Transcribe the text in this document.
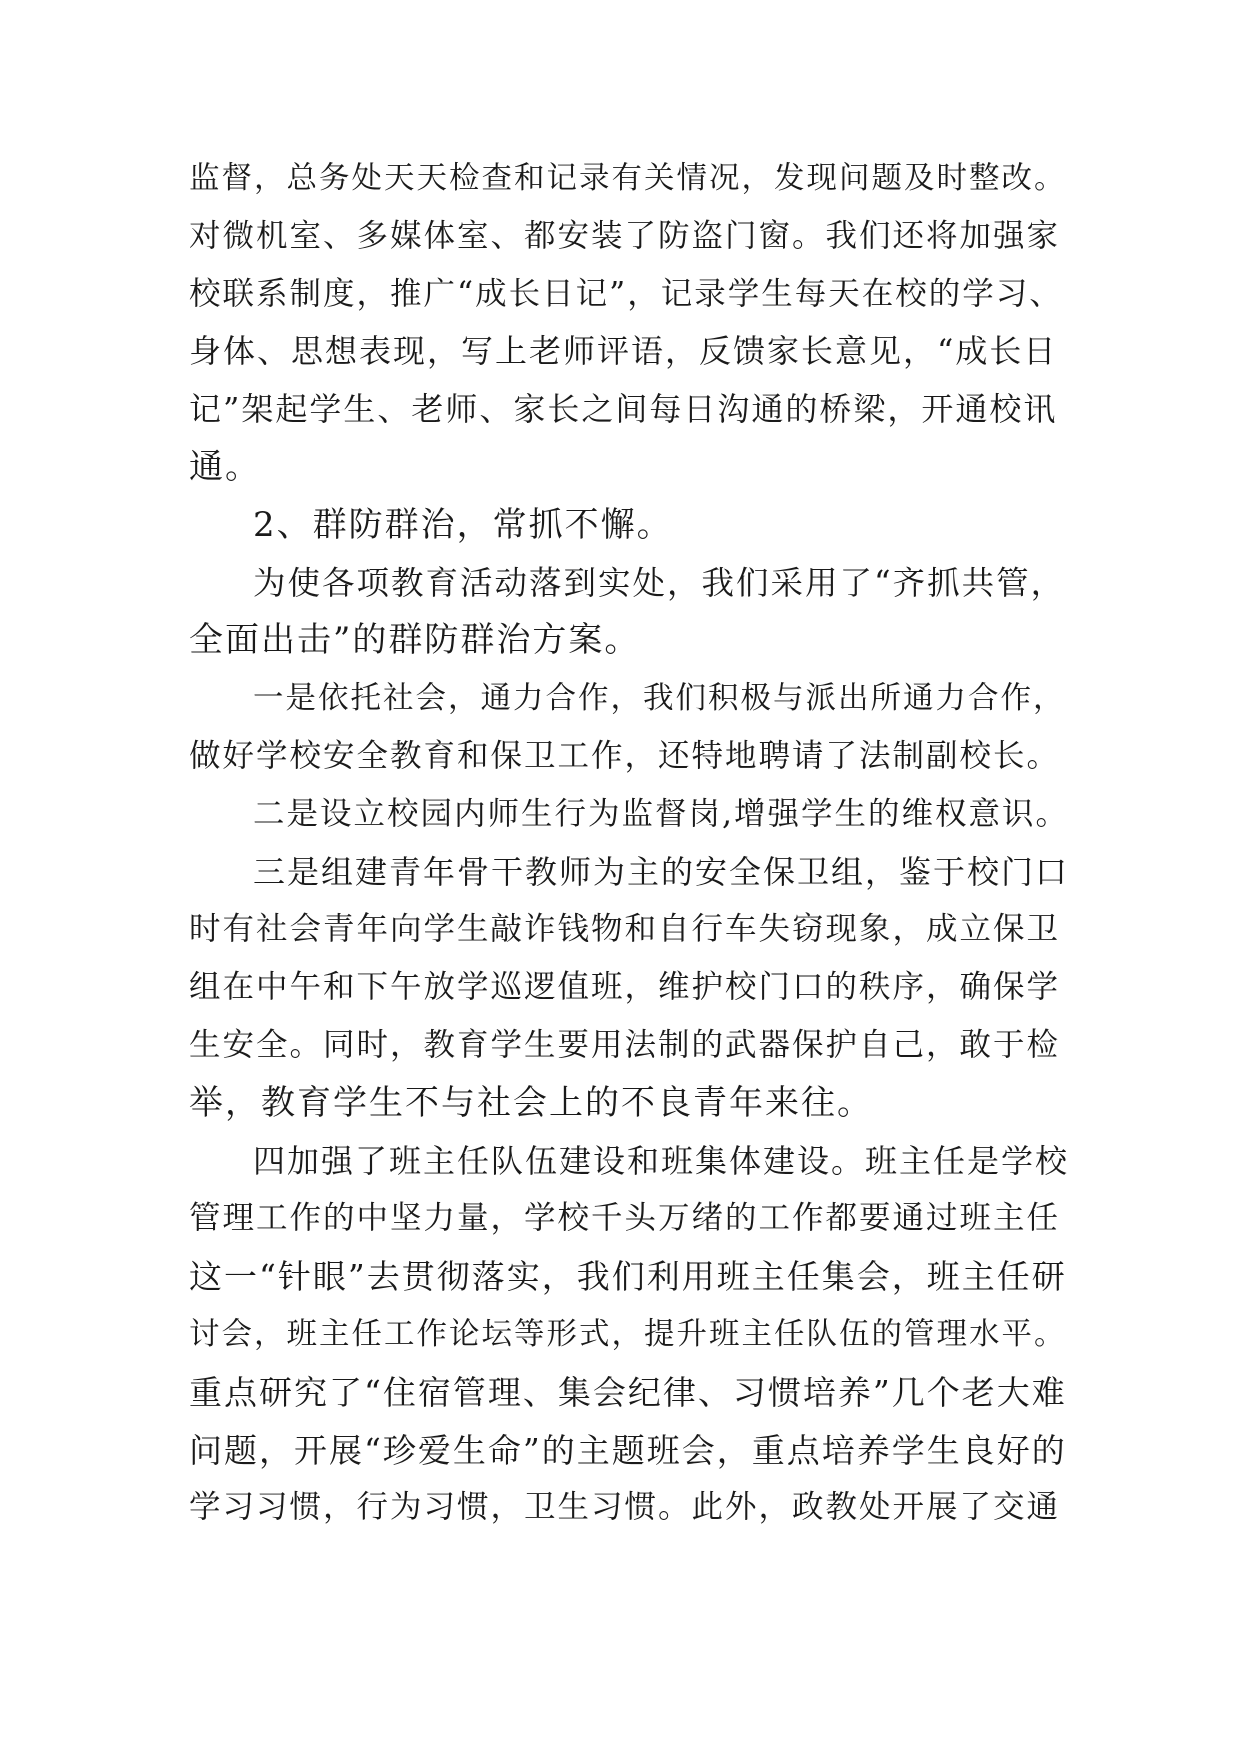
监督，总务处天天检查和记录有关情况，发现问题及时整改。
对微机室、多媒体室、都安装了防盗门窗。我们还将加强家
校联系制度，推广“成长日记”，记录学生每天在校的学习、
身体、思想表现，写上老师评语，反馈家长意见，“成长日
记”架起学生、老师、家长之间每日沟通的桥梁，开通校讯
通。
2、群防群治，常抓不懈。
为使各项教育活动落到实处，我们采用了“齐抓共管，
全面出击”的群防群治方案。
一是依托社会，通力合作，我们积极与派出所通力合作，
做好学校安全教育和保卫工作，还特地聘请了法制副校长。
二是设立校园内师生行为监督岗,增强学生的维权意识。
三是组建青年骨干教师为主的安全保卫组，鉴于校门口
时有社会青年向学生敲诈钱物和自行车失窃现象，成立保卫
组在中午和下午放学巡逻值班，维护校门口的秩序，确保学
生安全。同时，教育学生要用法制的武器保护自己，敢于检
举，教育学生不与社会上的不良青年来往。
四加强了班主任队伍建设和班集体建设。班主任是学校
管理工作的中坚力量，学校千头万绪的工作都要通过班主任
这一“针眼”去贯彻落实，我们利用班主任集会，班主任研
讨会，班主任工作论坛等形式，提升班主任队伍的管理水平。
重点研究了“住宿管理、集会纪律、习惯培养”几个老大难
问题，开展“珍爱生命”的主题班会，重点培养学生良好的
学习习惯，行为习惯，卫生习惯。此外，政教处开展了交通
